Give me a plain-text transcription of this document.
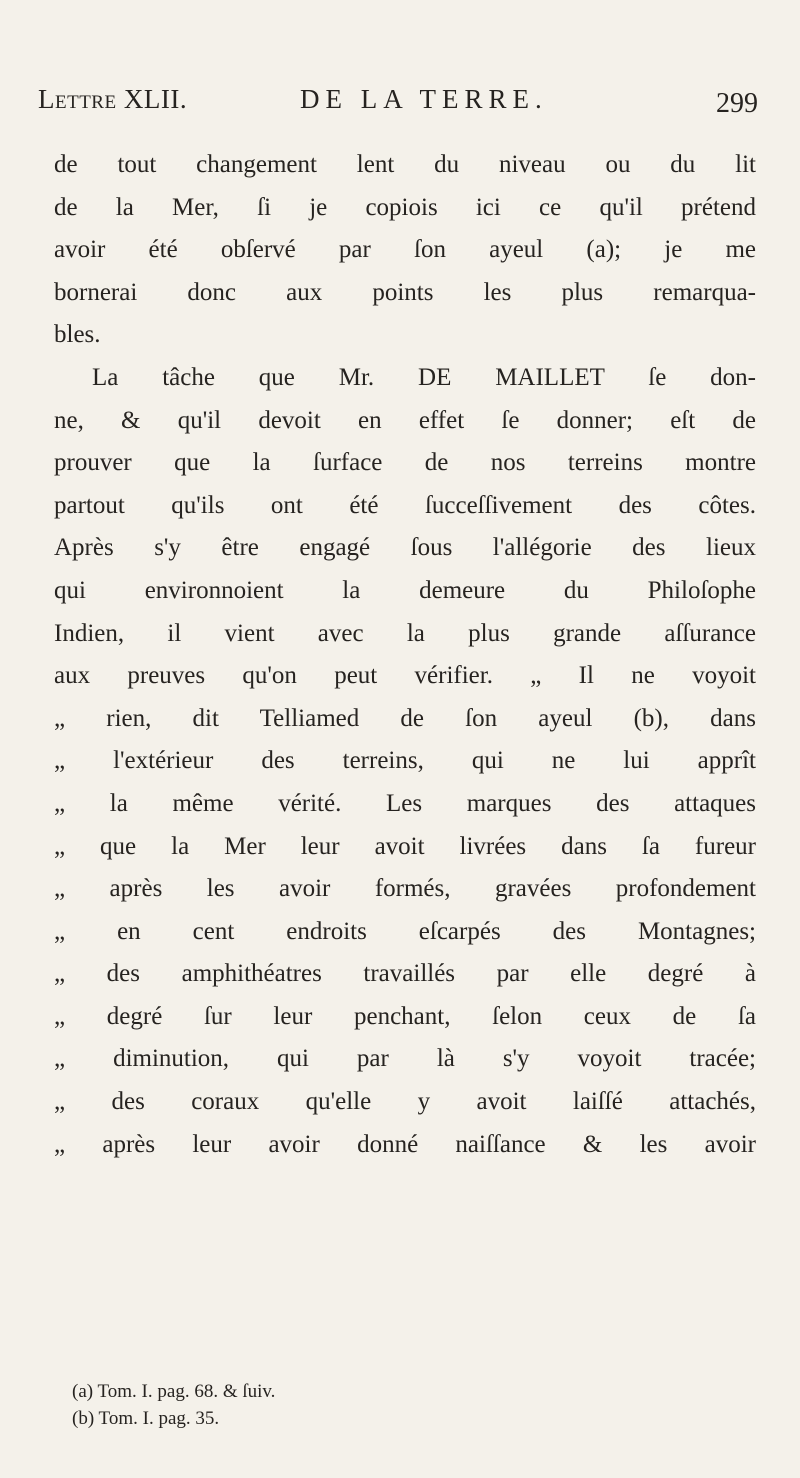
Lettre XLII.	DE LA TERRE.	299
de tout changement lent du niveau ou du lit
de la Mer, ſi je copiois ici ce qu'il prétend
avoir été obſervé par ſon ayeul (a); je me
bornerai donc aux points les plus remarqua-
bles.
La tâche que Mr. DE MAILLET ſe don-
ne, & qu'il devoit en effet ſe donner; eſt de
prouver que la ſurface de nos terreins montre
partout qu'ils ont été ſucceſſivement des côtes.
Après s'y être engagé ſous l'allégorie des lieux
qui environnoient la demeure du Philoſophe
Indien, il vient avec la plus grande aſſurance
aux preuves qu'on peut vérifier. „ Il ne voyoit
„ rien, dit Telliamed de ſon ayeul (b), dans
„ l'extérieur des terreins, qui ne lui apprît
„ la même vérité. Les marques des attaques
„ que la Mer leur avoit livrées dans ſa fureur
„ après les avoir formés, gravées profondement
„ en cent endroits eſcarpés des Montagnes;
„ des amphithéatres travaillés par elle degré à
„ degré ſur leur penchant, ſelon ceux de ſa
„ diminution, qui par là s'y voyoit tracée;
„ des coraux qu'elle y avoit laiſſé attachés,
„ après leur avoir donné naiſſance & les avoir
(a) Tom. I. pag. 68. & ſuiv.
(b) Tom. I. pag. 35.
